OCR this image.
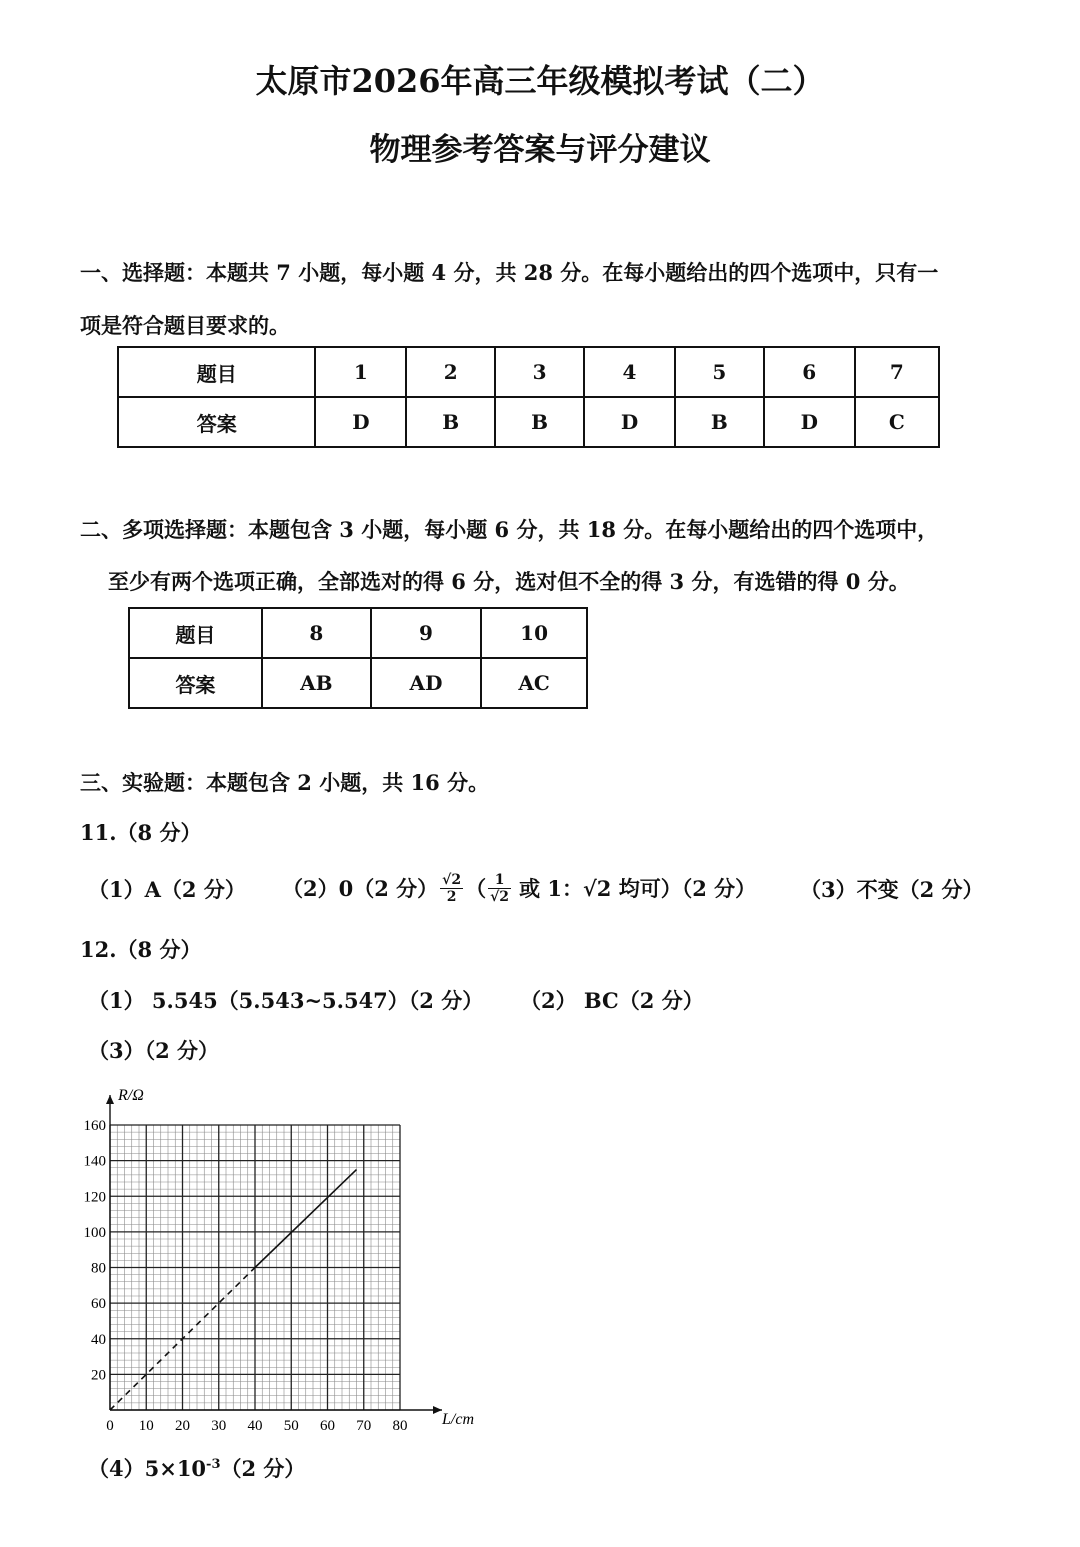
太原市2026年高三年级模拟考试（二）
物理参考答案与评分建议
一、选择题：本题共 7 小题，每小题 4 分，共 28 分。在每小题给出的四个选项中，只有一
项是符合题目要求的。
题目	1	2	3	4	5	6	7
答案	D	B	B	D	B	D	C
二、多项选择题：本题包含 3 小题，每小题 6 分，共 18 分。在每小题给出的四个选项中，
至少有两个选项正确，全部选对的得 6 分，选对但不全的得 3 分，有选错的得 0 分。
题目	8	9	10
答案	AB	AD	AC
三、实验题：本题包含 2 小题，共 16 分。
11.（8 分）
（1）A（2 分） （2）0（2 分） $\frac{√2}{2}$ （ $\frac{1}{√2}$ 或 1：√2 均可）（2 分） （3）不变（2 分）
12.（8 分）
（1） 5.545（5.543~5.547）（2 分） （2） BC（2 分）
（3）（2 分）
0 10 20 30 40 50 60 70 80
20
40
60
80
100
120
140
160
R/Ω
L/cm
$(4)5\times 10^{-3}(2$ 分）
